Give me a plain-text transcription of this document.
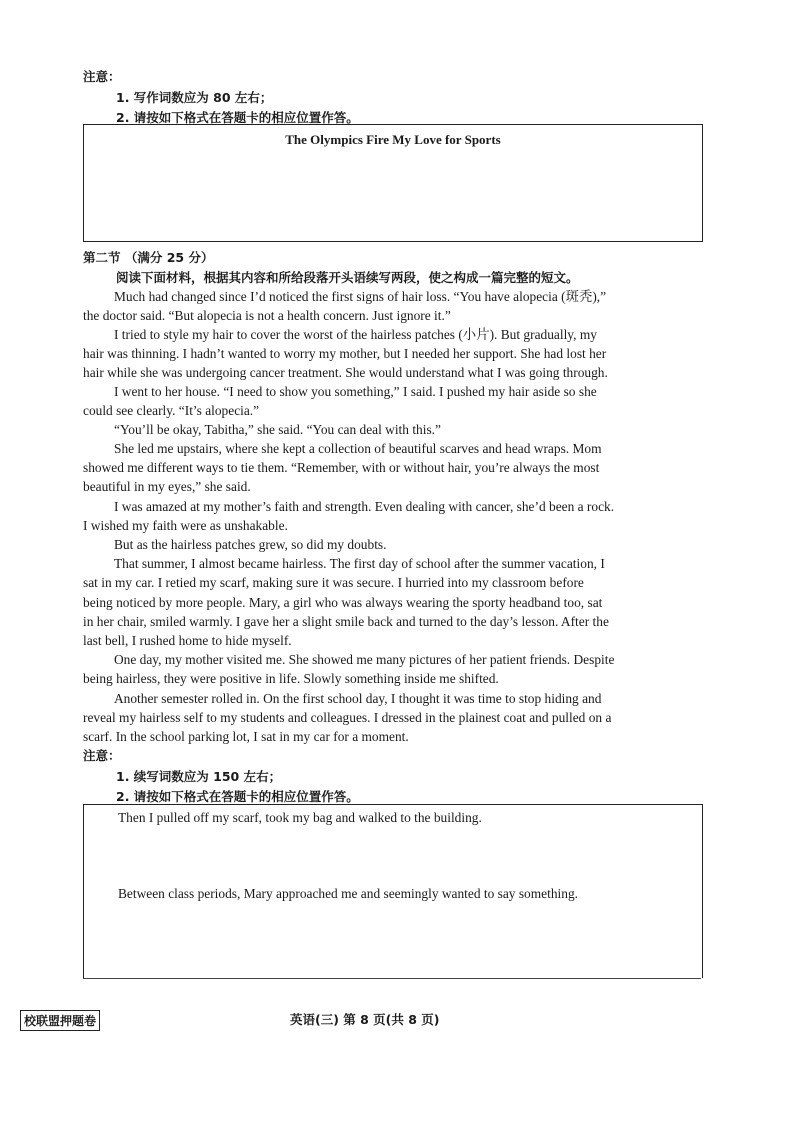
注意：
1. 写作词数应为 80 左右；
2. 请按如下格式在答题卡的相应位置作答。
The Olympics Fire My Love for Sports
第二节 （满分 25 分）
阅读下面材料，根据其内容和所给段落开头语续写两段，使之构成一篇完整的短文。
Much had changed since I’d noticed the first signs of hair loss. “You have alopecia (斑秃),”
the doctor said. “But alopecia is not a health concern. Just ignore it.”
I tried to style my hair to cover the worst of the hairless patches (小片). But gradually, my
hair was thinning. I hadn’t wanted to worry my mother, but I needed her support. She had lost her
hair while she was undergoing cancer treatment. She would understand what I was going through.
I went to her house. “I need to show you something,” I said. I pushed my hair aside so she
could see clearly. “It’s alopecia.”
“You’ll be okay, Tabitha,” she said. “You can deal with this.”
She led me upstairs, where she kept a collection of beautiful scarves and head wraps. Mom
showed me different ways to tie them. “Remember, with or without hair, you’re always the most
beautiful in my eyes,” she said.
I was amazed at my mother’s faith and strength. Even dealing with cancer, she’d been a rock.
I wished my faith were as unshakable.
But as the hairless patches grew, so did my doubts.
That summer, I almost became hairless. The first day of school after the summer vacation, I
sat in my car. I retied my scarf, making sure it was secure. I hurried into my classroom before
being noticed by more people. Mary, a girl who was always wearing the sporty headband too, sat
in her chair, smiled warmly. I gave her a slight smile back and turned to the day’s lesson. After the
last bell, I rushed home to hide myself.
One day, my mother visited me. She showed me many pictures of her patient friends. Despite
being hairless, they were positive in life. Slowly something inside me shifted.
Another semester rolled in. On the first school day, I thought it was time to stop hiding and
reveal my hairless self to my students and colleagues. I dressed in the plainest coat and pulled on a
scarf. In the school parking lot, I sat in my car for a moment.
注意：
1. 续写词数应为 150 左右；
2. 请按如下格式在答题卡的相应位置作答。
Then I pulled off my scarf, took my bag and walked to the building.
Between class periods, Mary approached me and seemingly wanted to say something.
校联盟押题卷	英语(三) 第 8 页(共 8 页)
